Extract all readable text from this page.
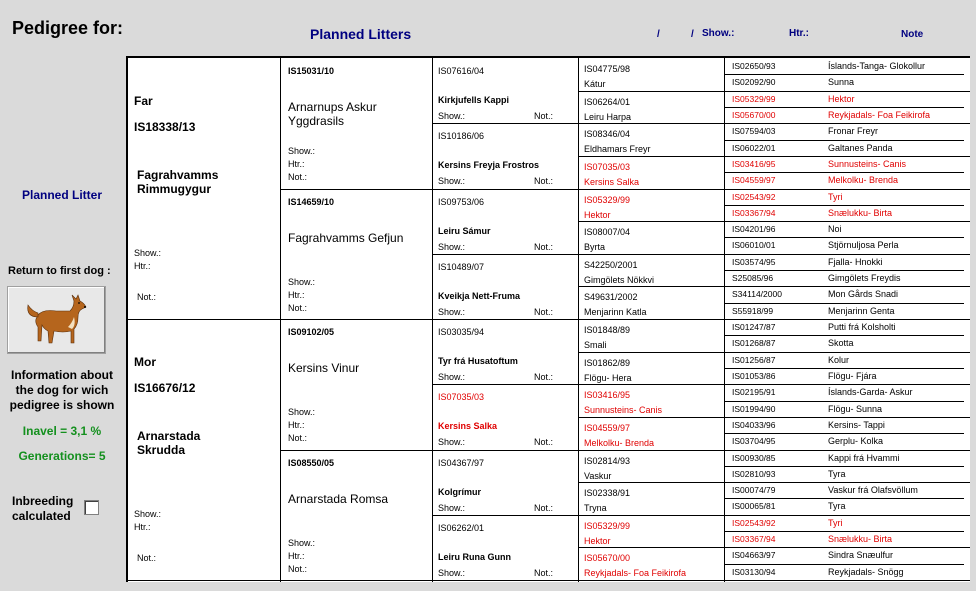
Pedigree for:	Planned Litters	/	/ Show.:	Htr.:	Note
Planned Litter
Return to first dog :
Information about the dog for wich pedigree is shown
Inavel = 3,1 %
Generations= 5
Inbreeding calculated
Far
IS18338/13
Fagrahvamms Rimmugygur
Show.:
Htr.:
Not.:
Mor
IS16676/12
Arnarstada Skrudda
Show.:
Htr.:
Not.:
IS15031/10
Arnarnups Askur Yggdrasils
Show.:
Htr.:
Not.:
IS14659/10
Fagrahvamms Gefjun
Show.:
Htr.:
Not.:
IS09102/05
Kersins Vinur
Show.:
Htr.:
Not.:
IS08550/05
Arnarstada Romsa
Show.:
Htr.:
Not.:
IS07616/04
Kirkjufells Kappi
Show.:	Not.:
IS10186/06
Kersins Freyja Frostros
Show.:	Not.:
IS09753/06
Leiru Sámur
Show.:	Not.:
IS10489/07
Kveikja Nett-Fruma
Show.:	Not.:
IS03035/94
Tyr frá Husatoftum
Show.:	Not.:
IS07035/03
Kersins Salka
Show.:	Not.:
IS04367/97
Kolgrímur
Show.:	Not.:
IS06262/01
Leiru Runa Gunn
Show.:	Not.:
IS04775/98
Kátur
IS06264/01
Leiru Harpa
IS08346/04
Eldhamars Freyr
IS07035/03
Kersins Salka
IS05329/99
Hektor
IS08007/04
Byrta
S42250/2001
Gimgölets Nökkvi
S49631/2002
Menjarinn Katla
IS01848/89
Smali
IS01862/89
Flögu- Hera
IS03416/95
Sunnusteins- Canis
IS04559/97
Melkolku- Brenda
IS02814/93
Vaskur
IS02338/91
Tryna
IS05329/99
Hektor
IS05670/00
Reykjadals- Foa Feikirofa
IS02650/93	Íslands-Tanga- Glokollur
IS02092/90	Sunna
IS05329/99	Hektor
IS05670/00	Reykjadals- Foa Feikirofa
IS07594/03	Fronar Freyr
IS06022/01	Galtanes Panda
IS03416/95	Sunnusteins- Canis
IS04559/97	Melkolku- Brenda
IS02543/92	Tyri
IS03367/94	Snælukku- Birta
IS04201/96	Noi
IS06010/01	Stjörnuljosa Perla
IS03574/95	Fjalla- Hnokki
S25085/96	Gimgölets Freydis
S34114/2000	Mon Gårds Snadi
S55918/99	Menjarinn Genta
IS01247/87	Putti frá Kolsholti
IS01268/87	Skotta
IS01256/87	Kolur
IS01053/86	Flögu- Fjára
IS02195/91	Íslands-Garda- Askur
IS01994/90	Flögu- Sunna
IS04033/96	Kersins- Tappi
IS03704/95	Gerplu- Kolka
IS00930/85	Kappi frá Hvammi
IS02810/93	Tyra
IS00074/79	Vaskur frá Olafsvöllum
IS00065/81	Tyra
IS02543/92	Tyri
IS03367/94	Snælukku- Birta
IS04663/97	Sindra Snæulfur
IS03130/94	Reykjadals- Snögg
